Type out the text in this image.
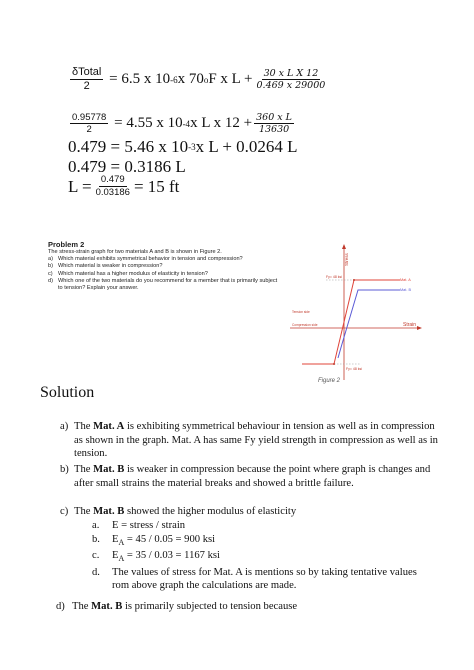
$\frac{\text{δTotal}}{2}$
=
6.5 x 10 -6 x 70 o F x $L + \frac{\text{30 x L X 12}}{0.469 x 29000}$
$\frac{0.95778}{2}$
=
4.55 x 10 -4 x L x $12 + \frac{\text{360 x L}}{13630}$
0.479 = 5.46 x 10 -3 x L + 0.0264 L
0.479 = 0.3186 L
$L = \frac{0.479}{0.03186} = 15$ ft
Problem 2
The stress-strain graph for two materials A and B is shown in Figure 2.
a) Which material exhibits symmetrical behavior in tension and compression?
b) Which material is weaker in compression?
c) Which material has a higher modulus of elasticity in tension?
d) Which one of the two materials do you recommend for a member that is primarily subject to tension? Explain your answer.
Stress
Strain
Fy= 48 ksi
Fy= 48 ksi
Mat. A
Mat. B
Tension side
Compression side
Figure 2
Solution
a) The Mat. A is exhibiting symmetrical behaviour in tension as well as in compression as shown in the graph. Mat. A has same Fy yield strength in compression as well as in tension.
b) The Mat. B is weaker in compression because the point where graph is changes and after small strains the material breaks and showed a brittle failure.
c) The Mat. B showed the higher modulus of elasticity
a.	E = stress / strain
b.	$E_A = 45 / 0.05 = 900$ ksi
c.	$E_A = 35 / 0.03 = 1167$ ksi
d.	The values of stress for Mat. A is mentions so by taking tentative values rom above graph the calculations are made.
d) The Mat. B is primarily subjected to tension because
